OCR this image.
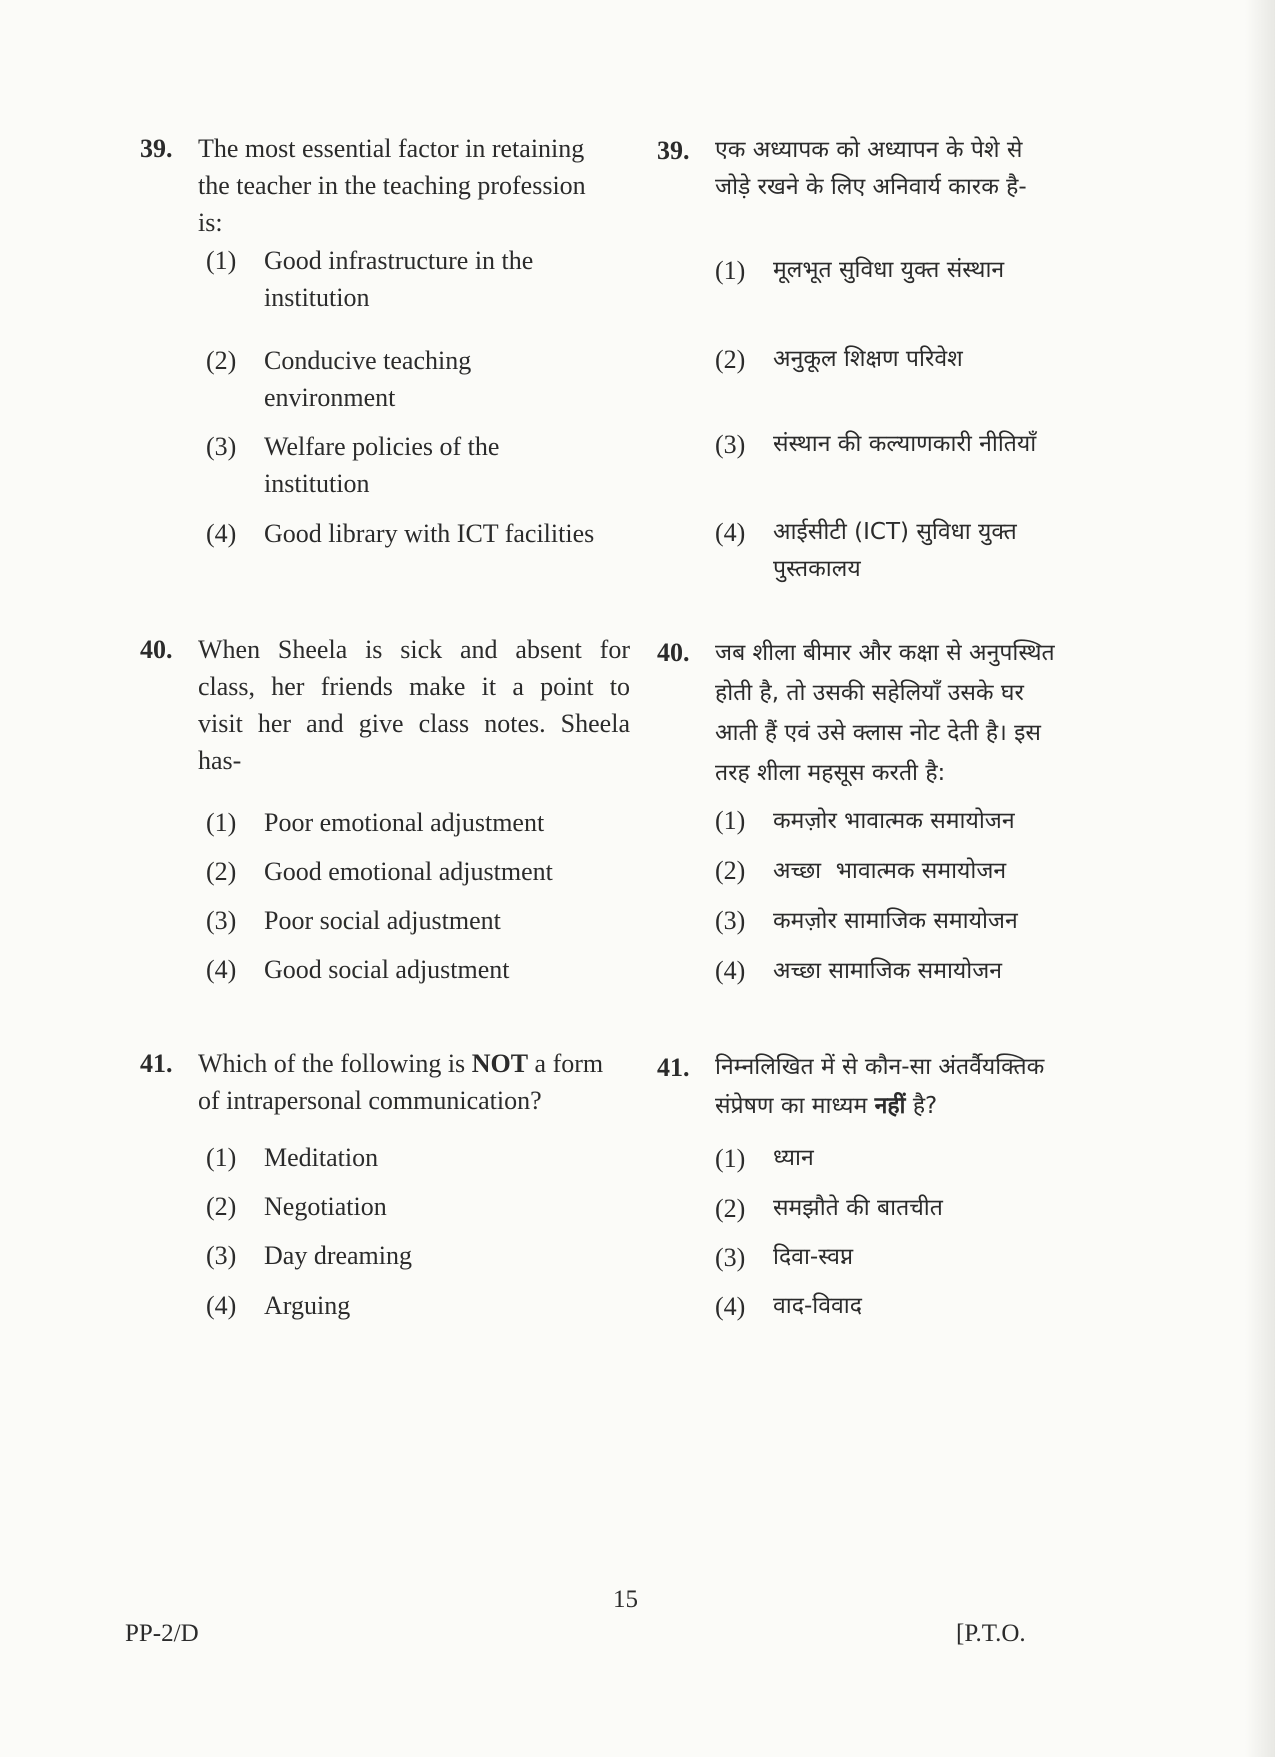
39. The most essential factor in retaining
the teacher in the teaching profession
is:
(1) Good infrastructure in the
institution
(2) Conducive teaching
environment
(3) Welfare policies of the
institution
(4) Good library with ICT facilities
40. When Sheela is sick and absent for
class, her friends make it a point to
visit her and give class notes. Sheela
has-
(1) Poor emotional adjustment
(2) Good emotional adjustment
(3) Poor social adjustment
(4) Good social adjustment
41. Which of the following is NOT a form
of intrapersonal communication?
(1) Meditation
(2) Negotiation
(3) Day dreaming
(4) Arguing
39. एक अध्यापक को अध्यापन के पेशे से
जोड़े रखने के लिए अनिवार्य कारक है-
(1) मूलभूत सुविधा युक्त संस्थान
(2) अनुकूल शिक्षण परिवेश
(3) संस्थान की कल्याणकारी नीतियाँ
(4) आईसीटी (ICT) सुविधा युक्त
पुस्तकालय
40. जब शीला बीमार और कक्षा से अनुपस्थित
होती है, तो उसकी सहेलियाँ उसके घर
आती हैं एवं उसे क्लास नोट देती है। इस
तरह शीला महसूस करती है:
(1) कमज़ोर भावात्मक समायोजन
(2) अच्छा  भावात्मक समायोजन
(3) कमज़ोर सामाजिक समायोजन
(4) अच्छा सामाजिक समायोजन
41. निम्नलिखित में से कौन-सा अंतर्वैयक्तिक
संप्रेषण का माध्यम नहीं है?
(1) ध्यान
(2) समझौते की बातचीत
(3) दिवा-स्वप्न
(4) वाद-विवाद
15
PP-2/D	[P.T.O.
